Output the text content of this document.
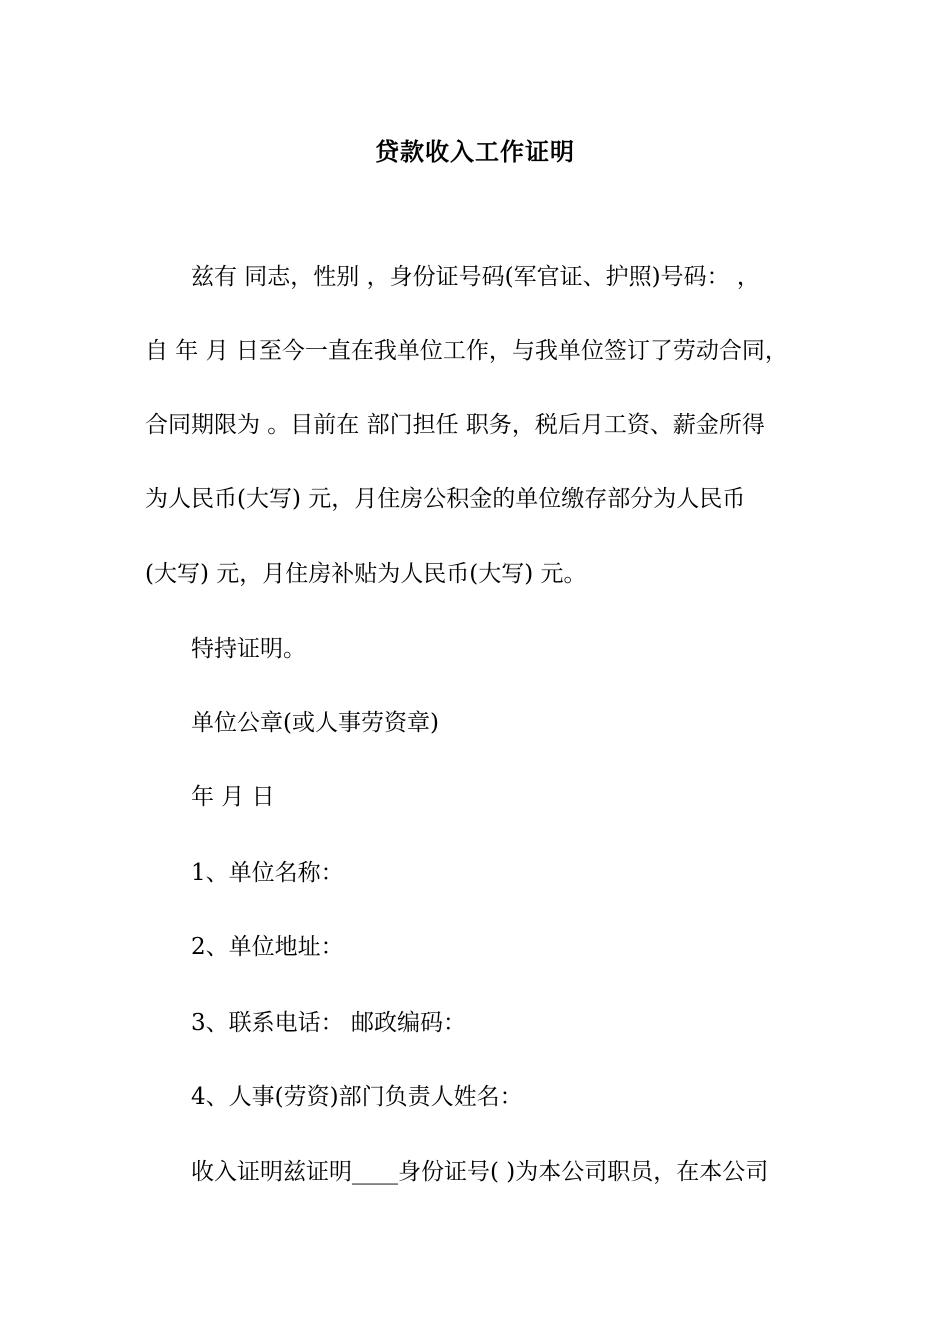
贷款收入工作证明
兹有 同志，性别 ，身份证号码(军官证、护照)号码： ，
自 年 月 日至今一直在我单位工作，与我单位签订了劳动合同，
合同期限为 。目前在 部门担任 职务，税后月工资、薪金所得
为人民币(大写) 元，月住房公积金的单位缴存部分为人民币
(大写) 元，月住房补贴为人民币(大写) 元。
特持证明。
单位公章(或人事劳资章)
年 月 日
1、单位名称：
2、单位地址：
3、联系电话： 邮政编码：
4、人事(劳资)部门负责人姓名：
收入证明兹证明____身份证号( )为本公司职员，在本公司
